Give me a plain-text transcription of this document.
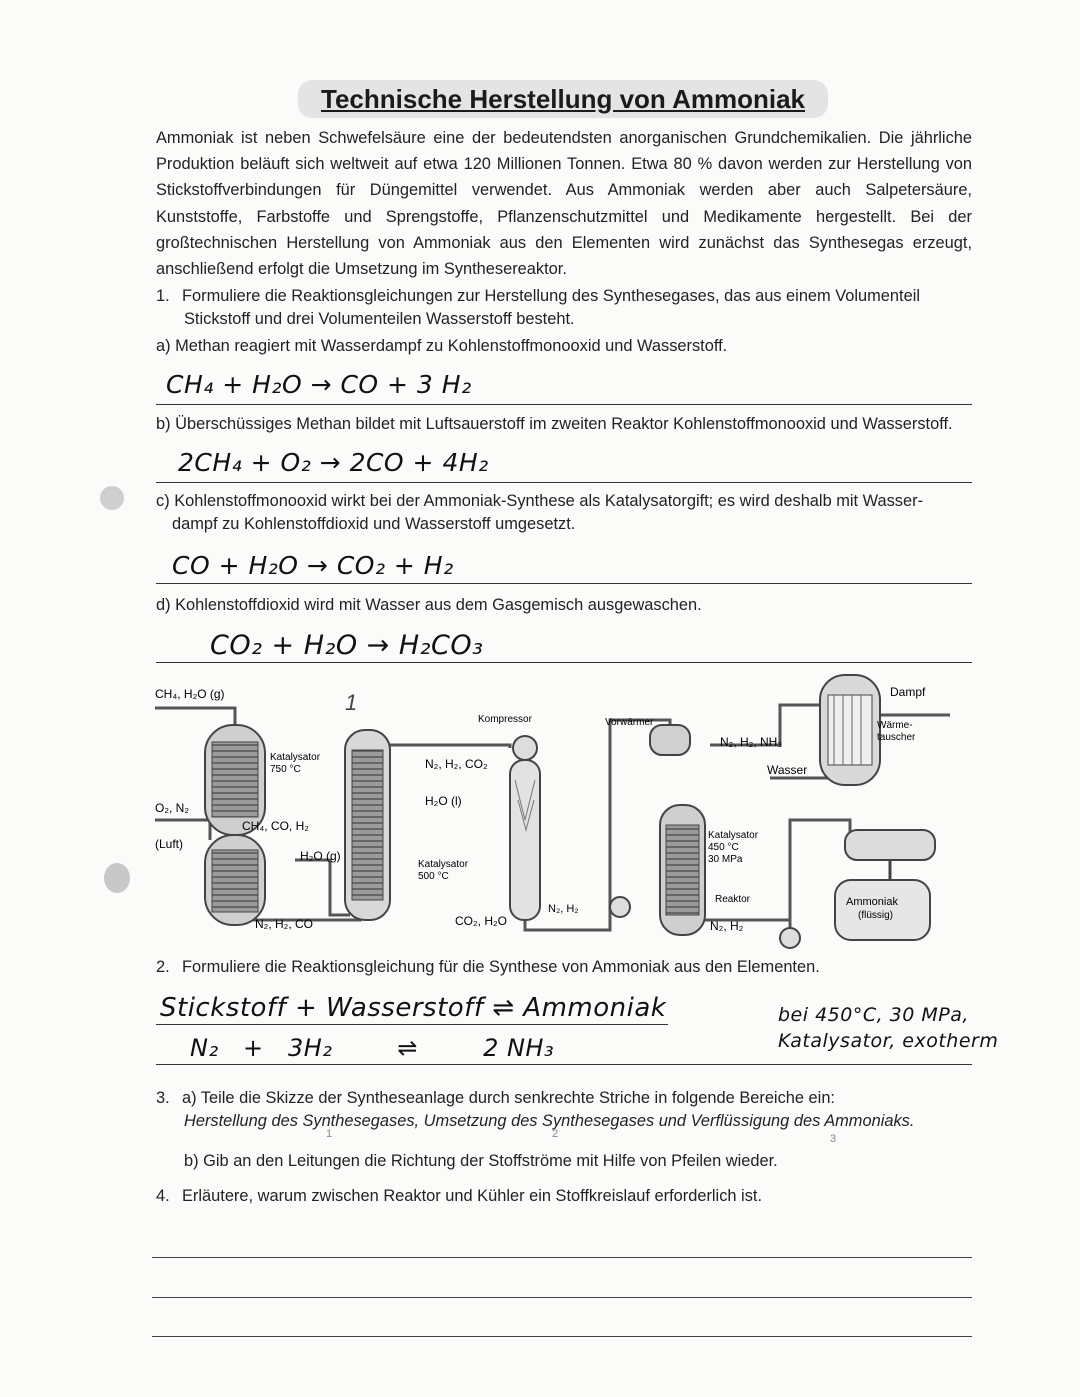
Technische Herstellung von Ammoniak
Ammoniak ist neben Schwefelsäure eine der bedeutendsten anorganischen Grundchemikalien. Die jährliche Produktion beläuft sich weltweit auf etwa 120 Millionen Tonnen. Etwa 80 % davon werden zur Herstellung von Stickstoffverbindungen für Düngemittel verwendet. Aus Ammoniak werden aber auch Salpetersäure, Kunststoffe, Farbstoffe und Sprengstoffe, Pflanzenschutzmittel und Medikamente hergestellt. Bei der großtechnischen Herstellung von Ammoniak aus den Elementen wird zunächst das Synthesegas erzeugt, anschließend erfolgt die Umsetzung im Synthesereaktor.
1. Formuliere die Reaktionsgleichungen zur Herstellung des Synthesegases, das aus einem Volumenteil
Stickstoff und drei Volumenteilen Wasserstoff besteht.
a) Methan reagiert mit Wasserdampf zu Kohlenstoffmonooxid und Wasserstoff.
CH₄ + H₂O → CO + 3 H₂
b) Überschüssiges Methan bildet mit Luftsauerstoff im zweiten Reaktor Kohlenstoffmonooxid und Wasserstoff.
2CH₄ + O₂ → 2CO + 4H₂
c) Kohlenstoffmonooxid wirkt bei der Ammoniak-Synthese als Katalysatorgift; es wird deshalb mit Wasser-
dampf zu Kohlenstoffdioxid und Wasserstoff umgesetzt.
CO + H₂O → CO₂ + H₂
d) Kohlenstoffdioxid wird mit Wasser aus dem Gasgemisch ausgewaschen.
CO₂ + H₂O → H₂CO₃
CH₄, H₂O (g)
O₂, N₂
(Luft)
Katalysator
750 °C
CH₄, CO, H₂
H₂O (g)
N₂, H₂, CO
N₂, H₂, CO₂
H₂O (l)
Katalysator
500 °C
CO₂, H₂O
Kompressor
N₂, H₂
Vorwärmer
N₂, H₂, NH₃
Wasser
Katalysator
450 °C
30 MPa
Reaktor
N₂, H₂
Dampf
Wärme-
tauscher
Ammoniak
(flüssig)
1
2. Formuliere die Reaktionsgleichung für die Synthese von Ammoniak aus den Elementen.
Stickstoff + Wasserstoff ⇌ Ammoniak
N₂   +   3H₂        ⇌        2 NH₃
bei 450°C, 30 MPa,
Katalysator, exotherm
3. a) Teile die Skizze der Syntheseanlage durch senkrechte Striche in folgende Bereiche ein:
Herstellung des Synthesegases, Umsetzung des Synthesegases und Verflüssigung des Ammoniaks.
1	2	3
b) Gib an den Leitungen die Richtung der Stoffströme mit Hilfe von Pfeilen wieder.
4. Erläutere, warum zwischen Reaktor und Kühler ein Stoffkreislauf erforderlich ist.
